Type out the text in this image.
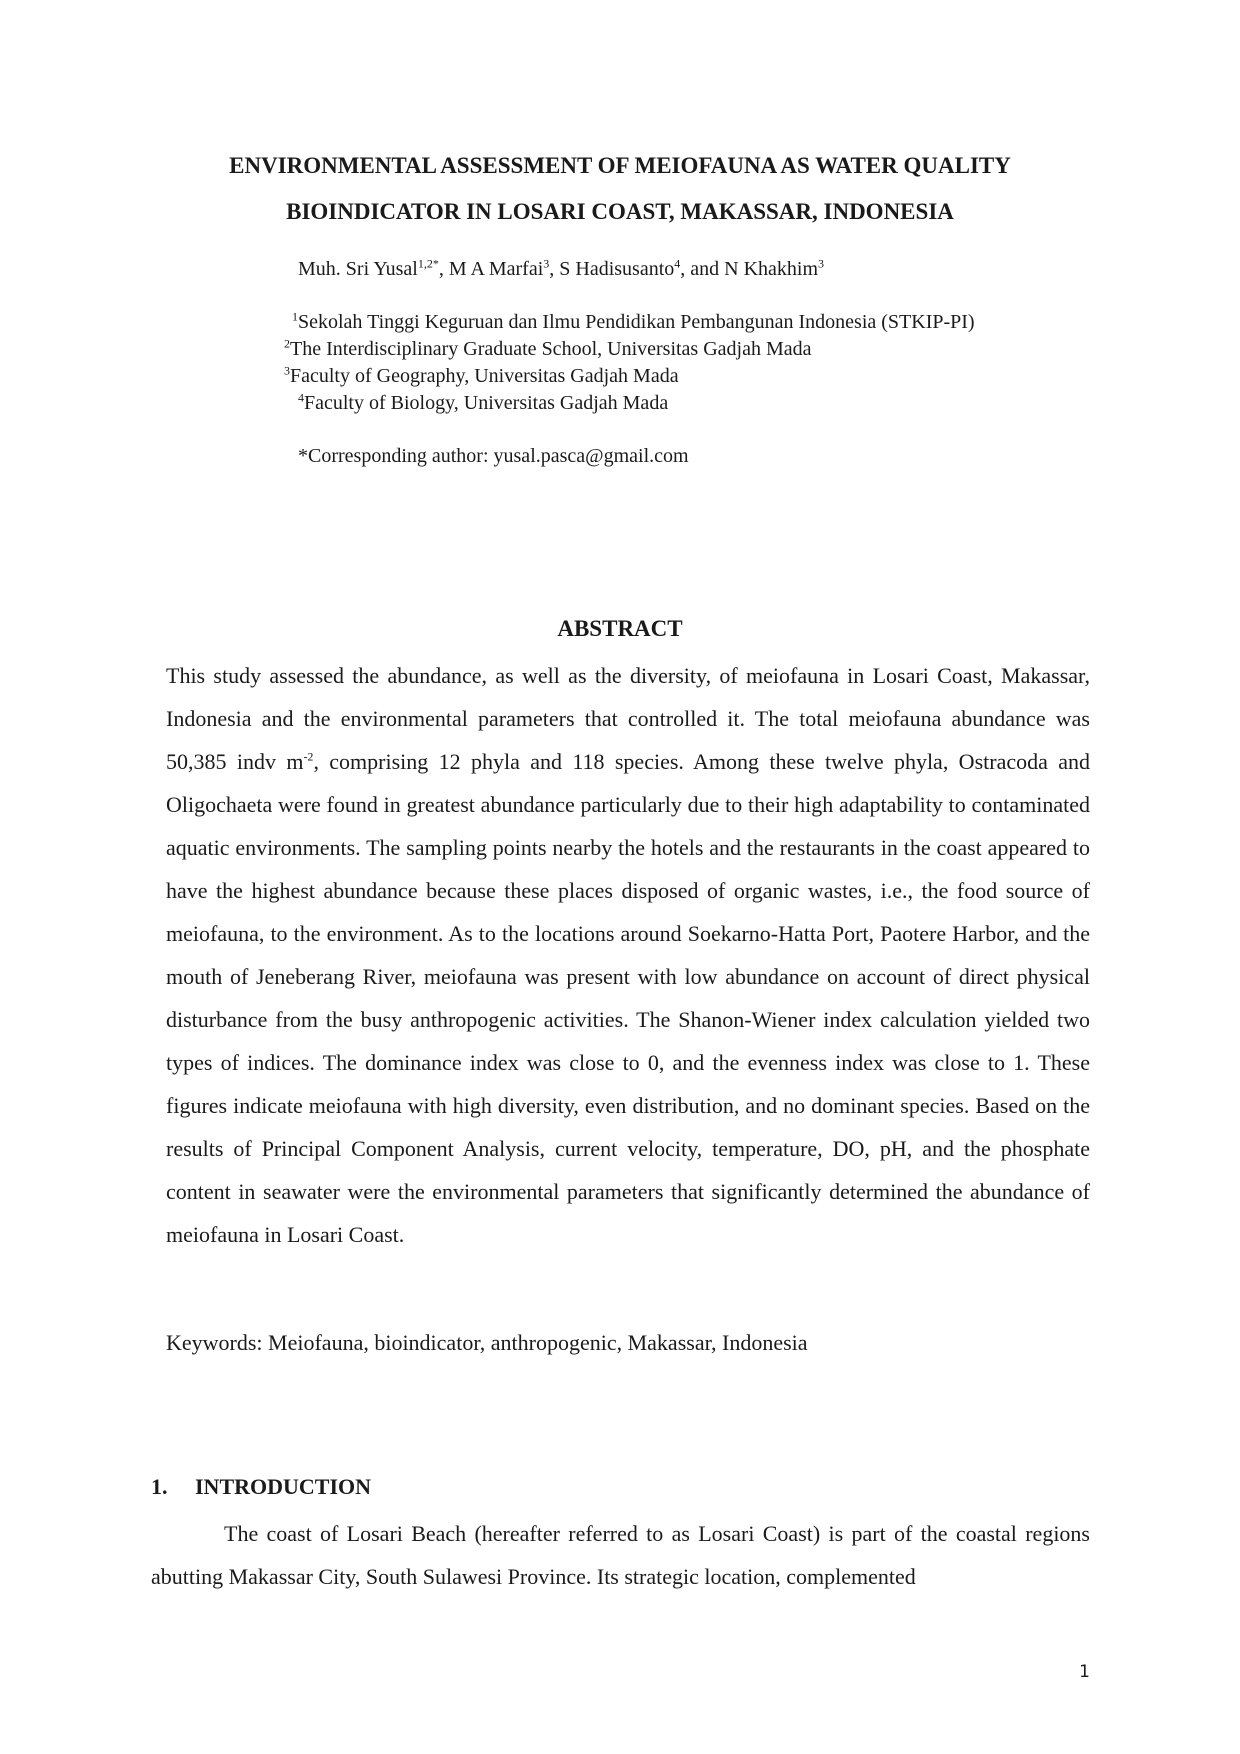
ENVIRONMENTAL ASSESSMENT OF MEIOFAUNA AS WATER QUALITY
BIOINDICATOR IN LOSARI COAST, MAKASSAR, INDONESIA

Muh. Sri Yusal$^{1,2*}$, M A Marfai$^3$, S Hadisusanto$^4$, and N Khakhim$^3$

$^1$Sekolah Tinggi Keguruan dan Ilmu Pendidikan Pembangunan Indonesia (STKIP-PI)

$^2$The Interdisciplinary Graduate School, Universitas Gadjah Mada

$^3$Faculty of Geography, Universitas Gadjah Mada

$^4$Faculty of Biology, Universitas Gadjah Mada

*Corresponding author: yusal.pasca@gmail.com

ABSTRACT

This study assessed the abundance, as well as the diversity, of meiofauna in Losari Coast, Makassar, Indonesia and the environmental parameters that controlled it. The total meiofauna abundance was 50,385 indv $m^{-2}$, comprising 12 phyla and 118 species. Among these twelve phyla, Ostracoda and Oligochaeta were found in greatest abundance particularly due to their high adaptability to contaminated aquatic environments. The sampling points nearby the hotels and the restaurants in the coast appeared to have the highest abundance because these places disposed of organic wastes, i.e., the food source of meiofauna, to the environment. As to the locations around Soekarno-Hatta Port, Paotere Harbor, and the mouth of Jeneberang River, meiofauna was present with low abundance on account of direct physical disturbance from the busy anthropogenic activities. The Shanon-Wiener index calculation yielded two types of indices. The dominance index was close to 0, and the evenness index was close to 1. These figures indicate meiofauna with high diversity, even distribution, and no dominant species. Based on the results of Principal Component Analysis, current velocity, temperature, DO, pH, and the phosphate content in seawater were the environmental parameters that significantly determined the abundance of meiofauna in Losari Coast.

Keywords: Meiofauna, bioindicator, anthropogenic, Makassar, Indonesia

1. INTRODUCTION

The coast of Losari Beach (hereafter referred to as Losari Coast) is part of the coastal regions abutting Makassar City, South Sulawesi Province. Its strategic location, complemented

1
